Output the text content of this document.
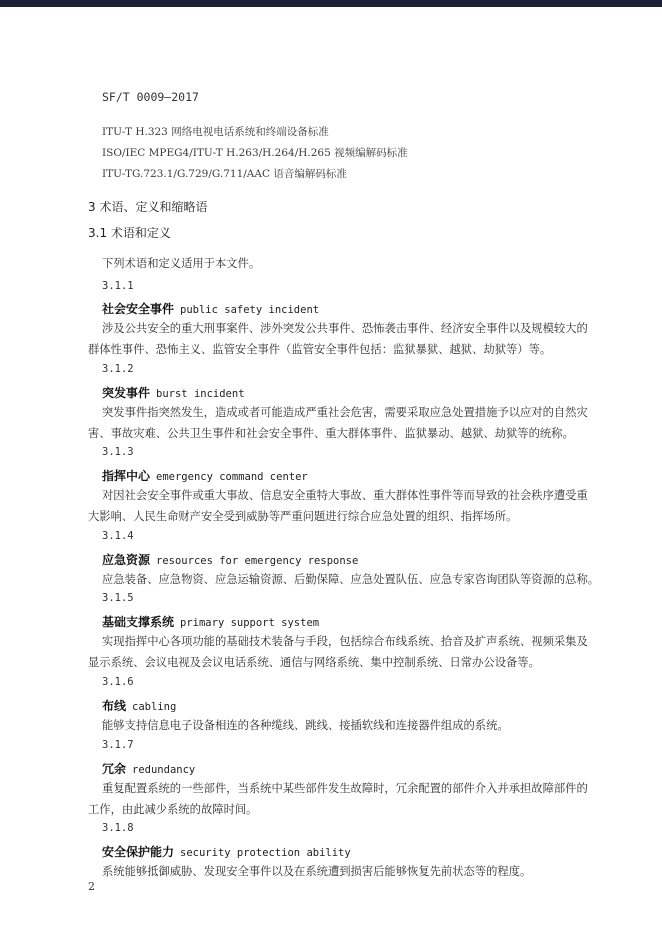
SF/T 0009—2017
ITU-T H.323 网络电视电话系统和终端设备标准
ISO/IEC MPEG4/ITU-T H.263/H.264/H.265 视频编解码标准
ITU-TG.723.1/G.729/G.711/AAC 语音编解码标准
3 术语、定义和缩略语
3.1 术语和定义
下列术语和定义适用于本文件。
3.1.1
社会安全事件 public safety incident
涉及公共安全的重大刑事案件、涉外突发公共事件、恐怖袭击事件、经济安全事件以及规模较大的
群体性事件、恐怖主义、监管安全事件（监管安全事件包括：监狱暴狱、越狱、劫狱等）等。
3.1.2
突发事件 burst incident
突发事件指突然发生，造成或者可能造成严重社会危害，需要采取应急处置措施予以应对的自然灾
害、事故灾难、公共卫生事件和社会安全事件、重大群体事件、监狱暴动、越狱、劫狱等的统称。
3.1.3
指挥中心 emergency command center
对因社会安全事件或重大事故、信息安全重特大事故、重大群体性事件等而导致的社会秩序遭受重
大影响、人民生命财产安全受到威胁等严重问题进行综合应急处置的组织、指挥场所。
3.1.4
应急资源 resources for emergency response
应急装备、应急物资、应急运输资源、后勤保障、应急处置队伍、应急专家咨询团队等资源的总称。
3.1.5
基础支撑系统 primary support system
实现指挥中心各项功能的基础技术装备与手段，包括综合布线系统、拾音及扩声系统、视频采集及
显示系统、会议电视及会议电话系统、通信与网络系统、集中控制系统、日常办公设备等。
3.1.6
布线 cabling
能够支持信息电子设备相连的各种缆线、跳线、接插软线和连接器件组成的系统。
3.1.7
冗余 redundancy
重复配置系统的一些部件，当系统中某些部件发生故障时，冗余配置的部件介入并承担故障部件的
工作，由此减少系统的故障时间。
3.1.8
安全保护能力 security protection ability
系统能够抵御威胁、发现安全事件以及在系统遭到损害后能够恢复先前状态等的程度。
2
